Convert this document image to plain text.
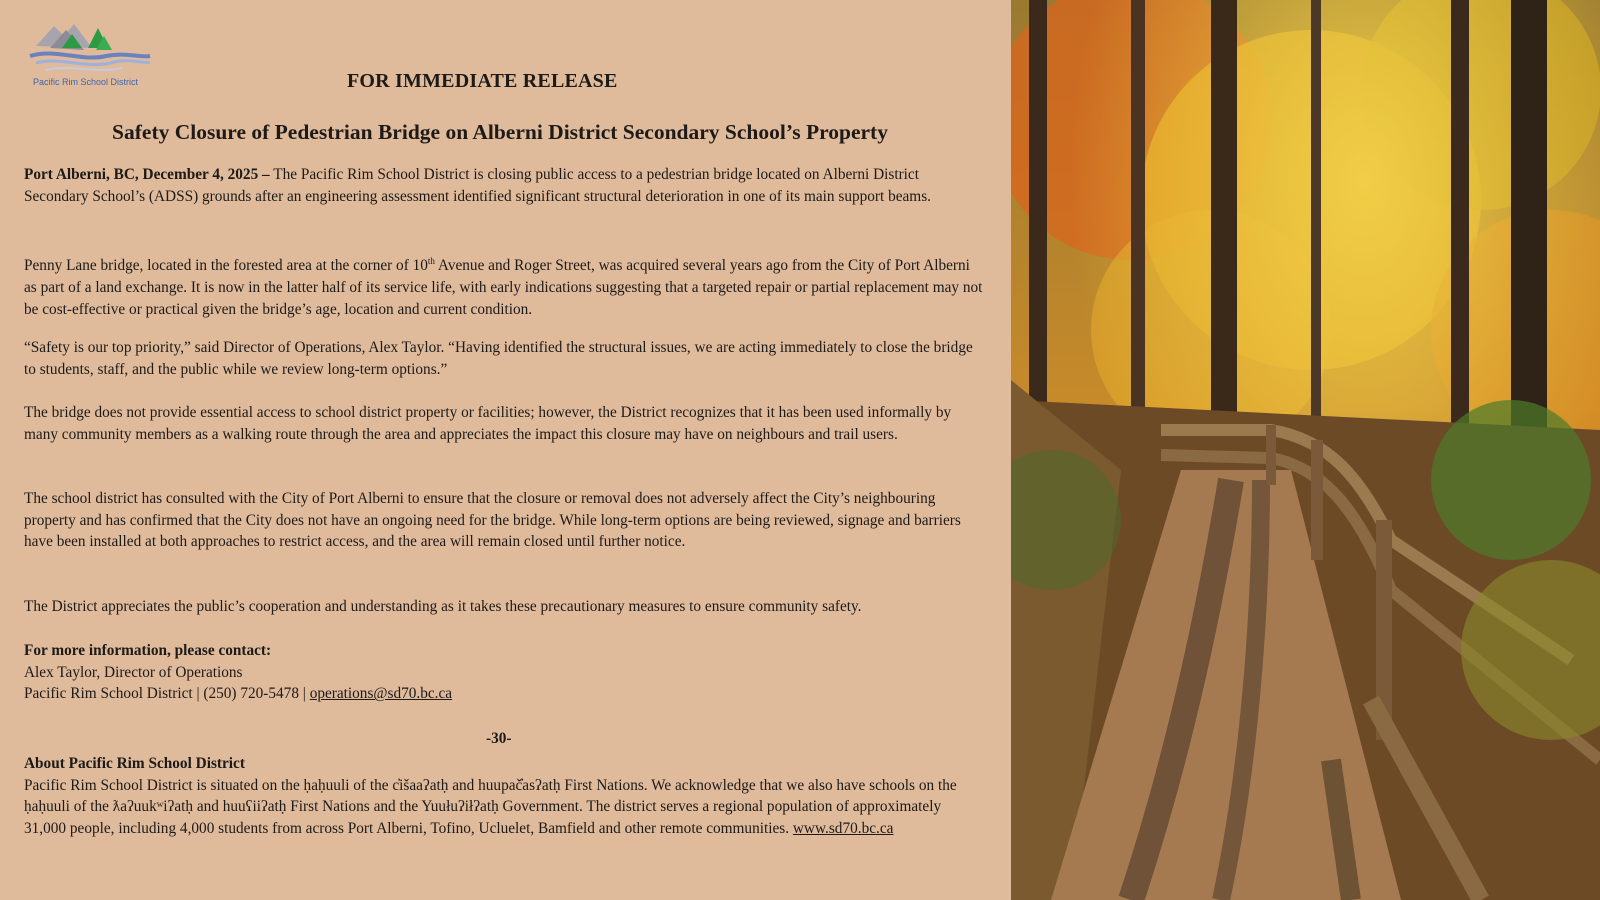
Pacific Rim School District	FOR IMMEDIATE RELEASE
Safety Closure of Pedestrian Bridge on Alberni District Secondary School’s Property

Port Alberni, BC, December 4, 2025 – The Pacific Rim School District is closing public access to a pedestrian bridge located on Alberni District Secondary School’s (ADSS) grounds after an engineering assessment identified significant structural deterioration in one of its main support beams.

Penny Lane bridge, located in the forested area at the corner of 10th Avenue and Roger Street, was acquired several years ago from the City of Port Alberni as part of a land exchange. It is now in the latter half of its service life, with early indications suggesting that a targeted repair or partial replacement may not be cost-effective or practical given the bridge’s age, location and current condition.

“Safety is our top priority,” said Director of Operations, Alex Taylor. “Having identified the structural issues, we are acting immediately to close the bridge to students, staff, and the public while we review long-term options.”

The bridge does not provide essential access to school district property or facilities; however, the District recognizes that it has been used informally by many community members as a walking route through the area and appreciates the impact this closure may have on neighbours and trail users.

The school district has consulted with the City of Port Alberni to ensure that the closure or removal does not adversely affect the City’s neighbouring property and has confirmed that the City does not have an ongoing need for the bridge. While long-term options are being reviewed, signage and barriers have been installed at both approaches to restrict access, and the area will remain closed until further notice.

The District appreciates the public’s cooperation and understanding as it takes these precautionary measures to ensure community safety.

For more information, please contact:
Alex Taylor, Director of Operations
Pacific Rim School District | (250) 720-5478 | operations@sd70.bc.ca

-30-

About Pacific Rim School District
Pacific Rim School District is situated on the ḥaḥuuli of the c̓išaaʔatḥ and huupač̓asʔatḥ First Nations. We acknowledge that we also have schools on the ḥaḥuuli of the ƛaʔuukʷiʔatḥ and huuʕiiʔatḥ First Nations and the Yuułuʔiłʔatḥ Government. The district serves a regional population of approximately 31,000 people, including 4,000 students from across Port Alberni, Tofino, Ucluelet, Bamfield and other remote communities. www.sd70.bc.ca
